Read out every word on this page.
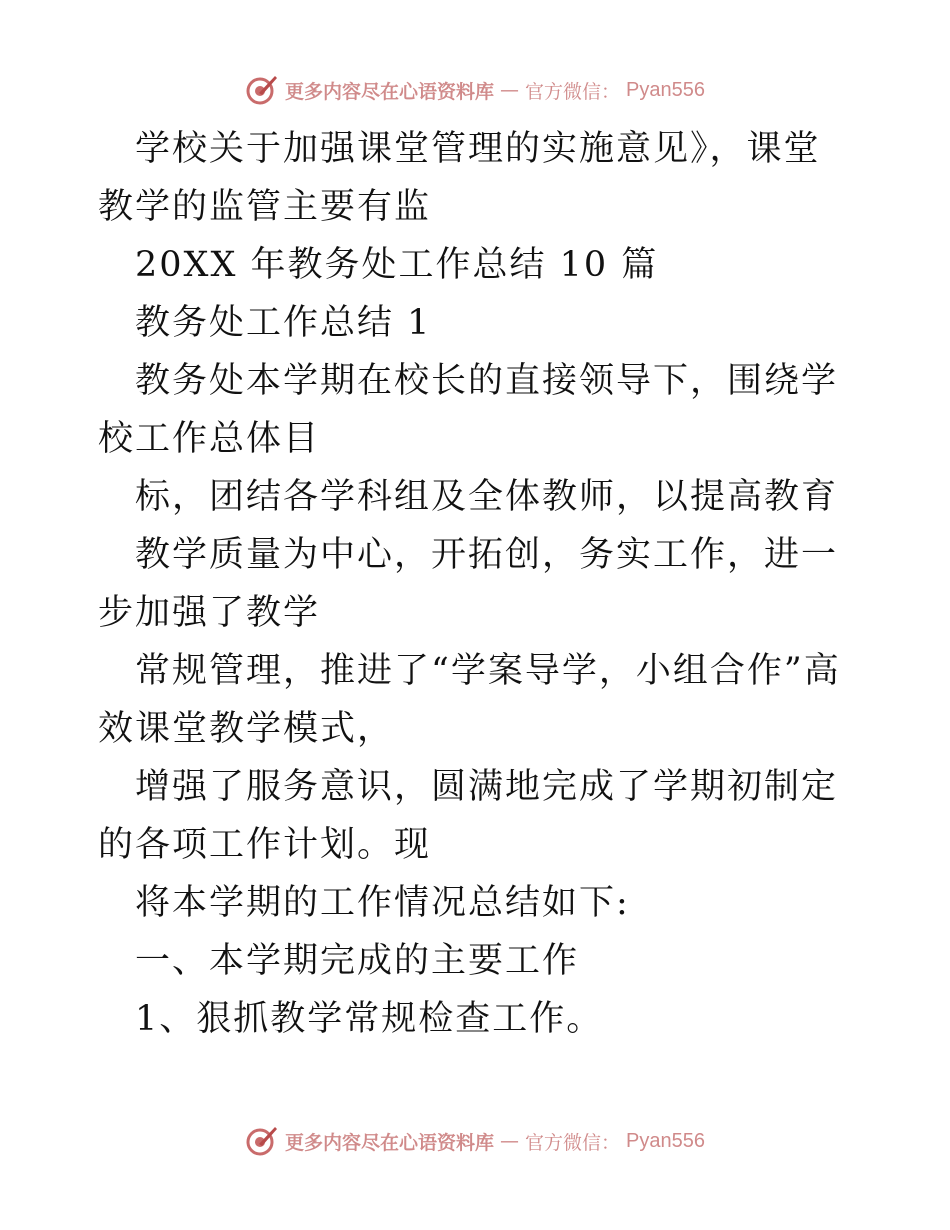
更多内容尽在心语资料库 — 官方微信： Pyan556

学校关于加强课堂管理的实施意见》，课堂教学的监管主要有监

20XX 年教务处工作总结 10 篇

教务处工作总结 1

教务处本学期在校长的直接领导下，围绕学校工作总体目

标，团结各学科组及全体教师，以提高教育

教学质量为中心，开拓创，务实工作，进一步加强了教学

常规管理，推进了“学案导学，小组合作”高效课堂教学模式，

增强了服务意识，圆满地完成了学期初制定的各项工作计划。现

将本学期的工作情况总结如下:

一、本学期完成的主要工作

1、狠抓教学常规检查工作。

更多内容尽在心语资料库 — 官方微信： Pyan556
